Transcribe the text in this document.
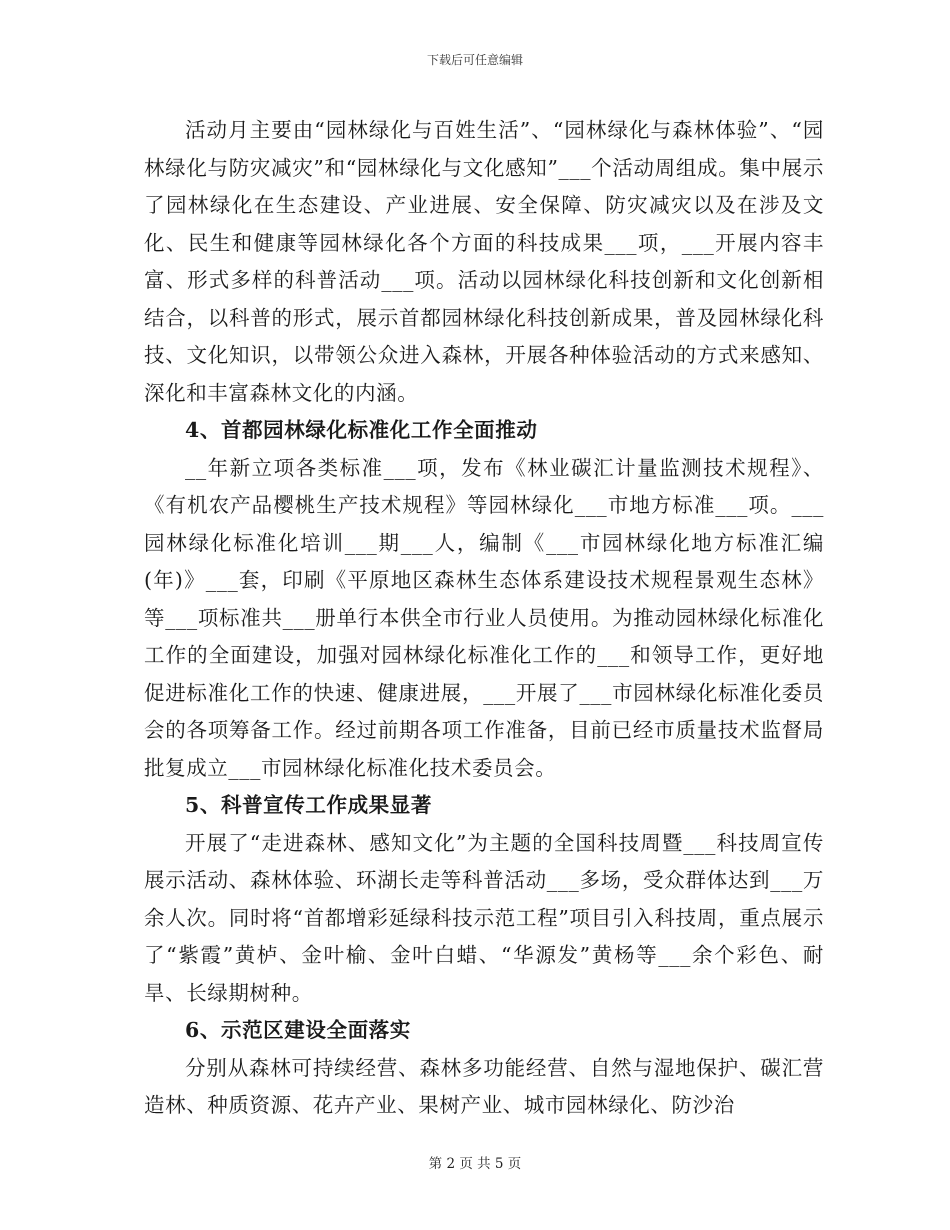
下载后可任意编辑

活动月主要由“园林绿化与百姓生活”、“园林绿化与森林体验”、“园林绿化与防灾减灾”和“园林绿化与文化感知”___个活动周组成。集中展示了园林绿化在生态建设、产业进展、安全保障、防灾减灾以及在涉及文化、民生和健康等园林绿化各个方面的科技成果___项，___开展内容丰富、形式多样的科普活动___项。活动以园林绿化科技创新和文化创新相结合，以科普的形式，展示首都园林绿化科技创新成果，普及园林绿化科技、文化知识，以带领公众进入森林，开展各种体验活动的方式来感知、深化和丰富森林文化的内涵。

4、首都园林绿化标准化工作全面推动

__年新立项各类标准___项，发布《林业碳汇计量监测技术规程》、《有机农产品樱桃生产技术规程》等园林绿化___市地方标准___项。___园林绿化标准化培训___期___人，编制《___市园林绿化地方标准汇编(年)》___套，印刷《平原地区森林生态体系建设技术规程景观生态林》等___项标准共___册单行本供全市行业人员使用。为推动园林绿化标准化工作的全面建设，加强对园林绿化标准化工作的___和领导工作，更好地促进标准化工作的快速、健康进展，___开展了___市园林绿化标准化委员会的各项筹备工作。经过前期各项工作准备，目前已经市质量技术监督局批复成立___市园林绿化标准化技术委员会。

5、科普宣传工作成果显著

开展了“走进森林、感知文化”为主题的全国科技周暨___科技周宣传展示活动、森林体验、环湖长走等科普活动___多场，受众群体达到___万余人次。同时将“首都增彩延绿科技示范工程”项目引入科技周，重点展示了“紫霞”黄栌、金叶榆、金叶白蜡、“华源发”黄杨等___余个彩色、耐旱、长绿期树种。

6、示范区建设全面落实

分别从森林可持续经营、森林多功能经营、自然与湿地保护、碳汇营造林、种质资源、花卉产业、果树产业、城市园林绿化、防沙治

第 2 页 共 5 页
